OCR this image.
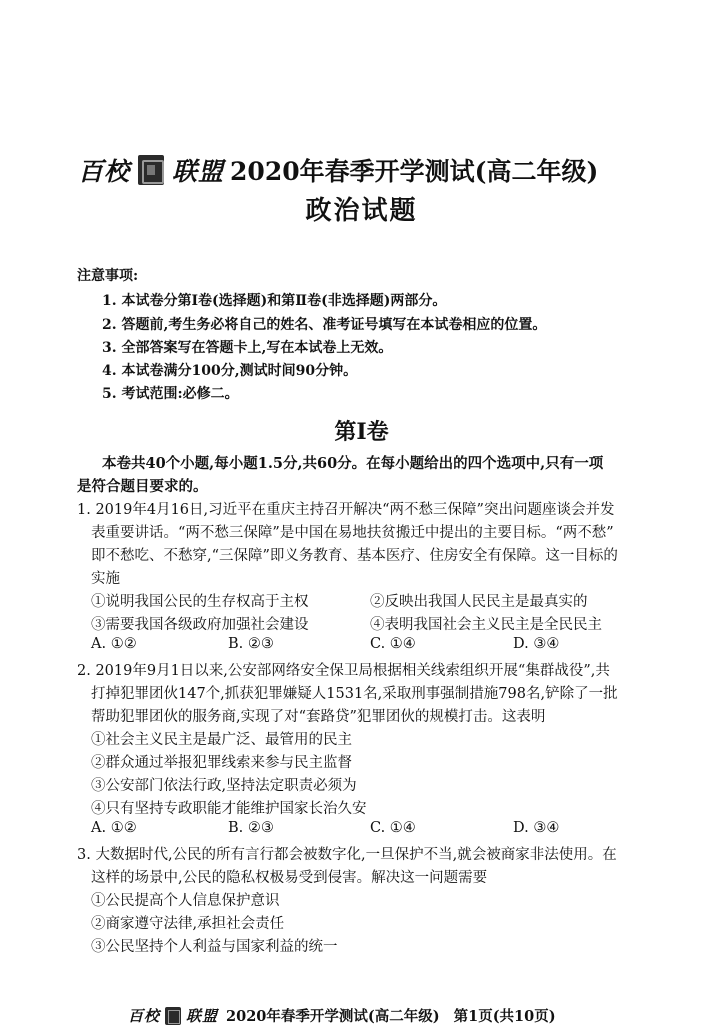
百校 联盟 2020年春季开学测试(高二年级)
政治试题
注意事项:
1. 本试卷分第Ⅰ卷(选择题)和第Ⅱ卷(非选择题)两部分。
2. 答题前,考生务必将自己的姓名、准考证号填写在本试卷相应的位置。
3. 全部答案写在答题卡上,写在本试卷上无效。
4. 本试卷满分100分,测试时间90分钟。
5. 考试范围:必修二。
第Ⅰ卷
本卷共40个小题,每小题1.5分,共60分。在每小题给出的四个选项中,只有一项
是符合题目要求的。
1. 2019年4月16日,习近平在重庆主持召开解决“两不愁三保障”突出问题座谈会并发
表重要讲话。“两不愁三保障”是中国在易地扶贫搬迁中提出的主要目标。“两不愁”
即不愁吃、不愁穿,“三保障”即义务教育、基本医疗、住房安全有保障。这一目标的
实施
①说明我国公民的生存权高于主权	②反映出我国人民民主是最真实的
③需要我国各级政府加强社会建设	④表明我国社会主义民主是全民民主
A. ①②	B. ②③	C. ①④	D. ③④
2. 2019年9月1日以来,公安部网络安全保卫局根据相关线索组织开展“集群战役”,共
打掉犯罪团伙147个,抓获犯罪嫌疑人1531名,采取刑事强制措施798名,铲除了一批
帮助犯罪团伙的服务商,实现了对“套路贷”犯罪团伙的规模打击。这表明
①社会主义民主是最广泛、最管用的民主
②群众通过举报犯罪线索来参与民主监督
③公安部门依法行政,坚持法定职责必须为
④只有坚持专政职能才能维护国家长治久安
A. ①②	B. ②③	C. ①④	D. ③④
3. 大数据时代,公民的所有言行都会被数字化,一旦保护不当,就会被商家非法使用。在
这样的场景中,公民的隐私权极易受到侵害。解决这一问题需要
①公民提高个人信息保护意识
②商家遵守法律,承担社会责任
③公民坚持个人利益与国家利益的统一
百校 联盟 2020年春季开学测试(高二年级) 第1页(共10页)
